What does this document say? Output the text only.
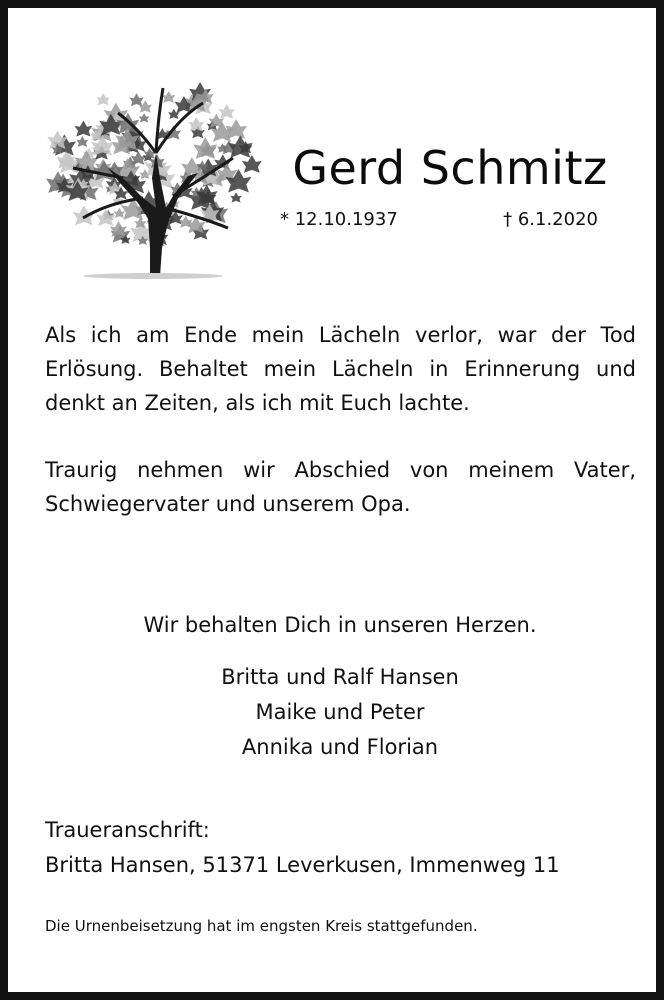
Gerd Schmitz
* 12.10.1937	† 6.1.2020
Als ich am Ende mein Lächeln verlor, war der Tod
Erlösung. Behaltet mein Lächeln in Erinnerung und
denkt an Zeiten, als ich mit Euch lachte.
Traurig nehmen wir Abschied von meinem Vater,
Schwiegervater und unserem Opa.
Wir behalten Dich in unseren Herzen.
Britta und Ralf Hansen
Maike und Peter
Annika und Florian
Traueranschrift:
Britta Hansen, 51371 Leverkusen, Immenweg 11
Die Urnenbeisetzung hat im engsten Kreis stattgefunden.
